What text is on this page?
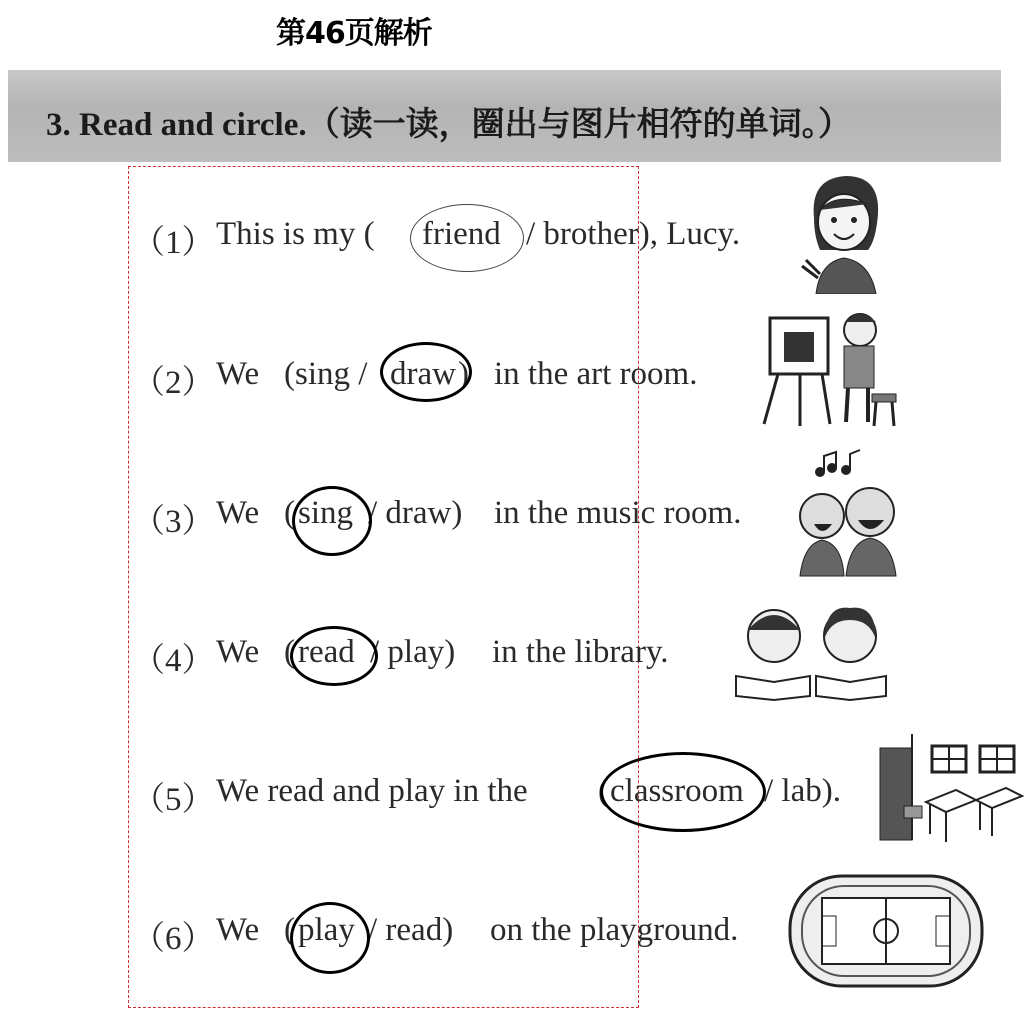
第46页解析
3. Read and circle.（读一读，圈出与图片相符的单词。）
（1） This is my ( friend / brother), Lucy.
（2） We (sing / draw ) in the art room.
（3） We ( sing / draw) in the music room.
（4） We ( read / play) in the library.
（5） We read and play in the ( classroom / lab).
（6） We ( play / read) on the playground.
